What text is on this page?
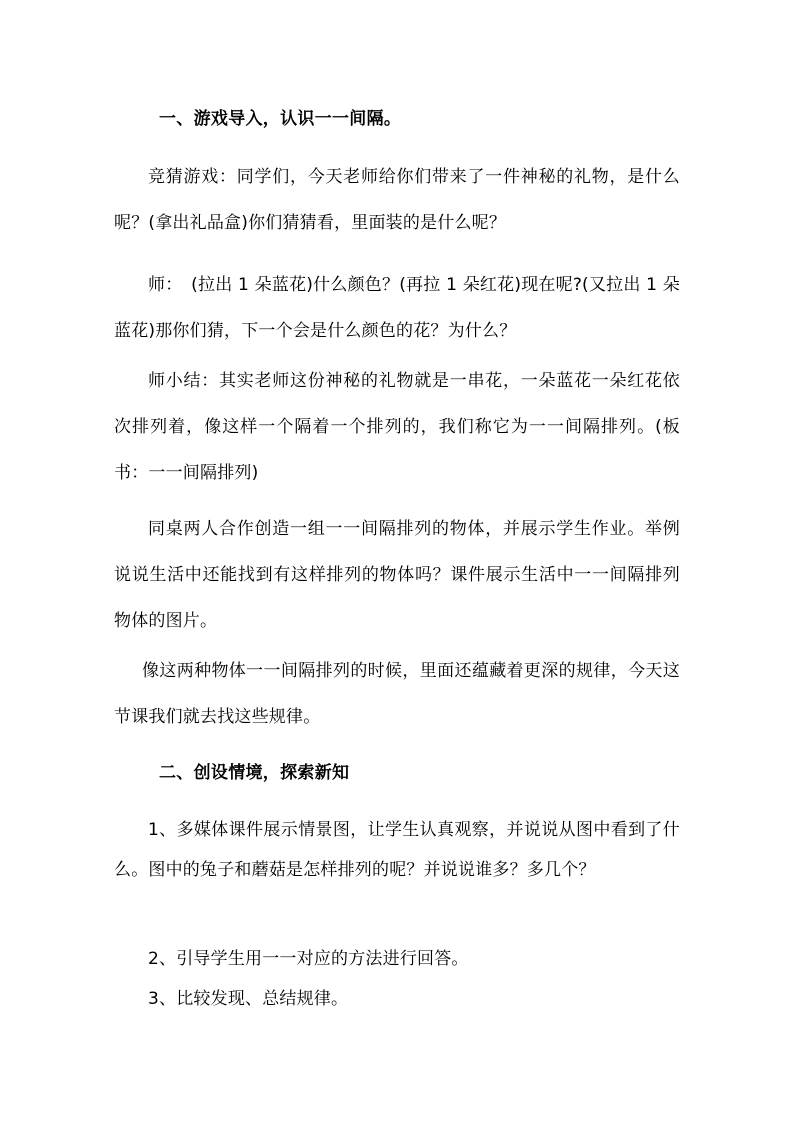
一、游戏导入，认识一一间隔。

竞猜游戏：同学们，今天老师给你们带来了一件神秘的礼物，是什么呢？(拿出礼品盒)你们猜猜看，里面装的是什么呢？

师：　(拉出 1 朵蓝花)什么颜色？(再拉 1 朵红花)现在呢?(又拉出 1 朵蓝花)那你们猜，下一个会是什么颜色的花？为什么？

师小结：其实老师这份神秘的礼物就是一串花，一朵蓝花一朵红花依次排列着，像这样一个隔着一个排列的，我们称它为一一间隔排列。(板书：一一间隔排列)

同桌两人合作创造一组一一间隔排列的物体，并展示学生作业。举例说说生活中还能找到有这样排列的物体吗？课件展示生活中一一间隔排列物体的图片。

像这两种物体一一间隔排列的时候，里面还蕴藏着更深的规律，今天这节课我们就去找这些规律。

二、创设情境，探索新知

1、多媒体课件展示情景图，让学生认真观察，并说说从图中看到了什么。图中的兔子和蘑菇是怎样排列的呢？并说说谁多？多几个？

2、引导学生用一一对应的方法进行回答。

3、比较发现、总结规律。
